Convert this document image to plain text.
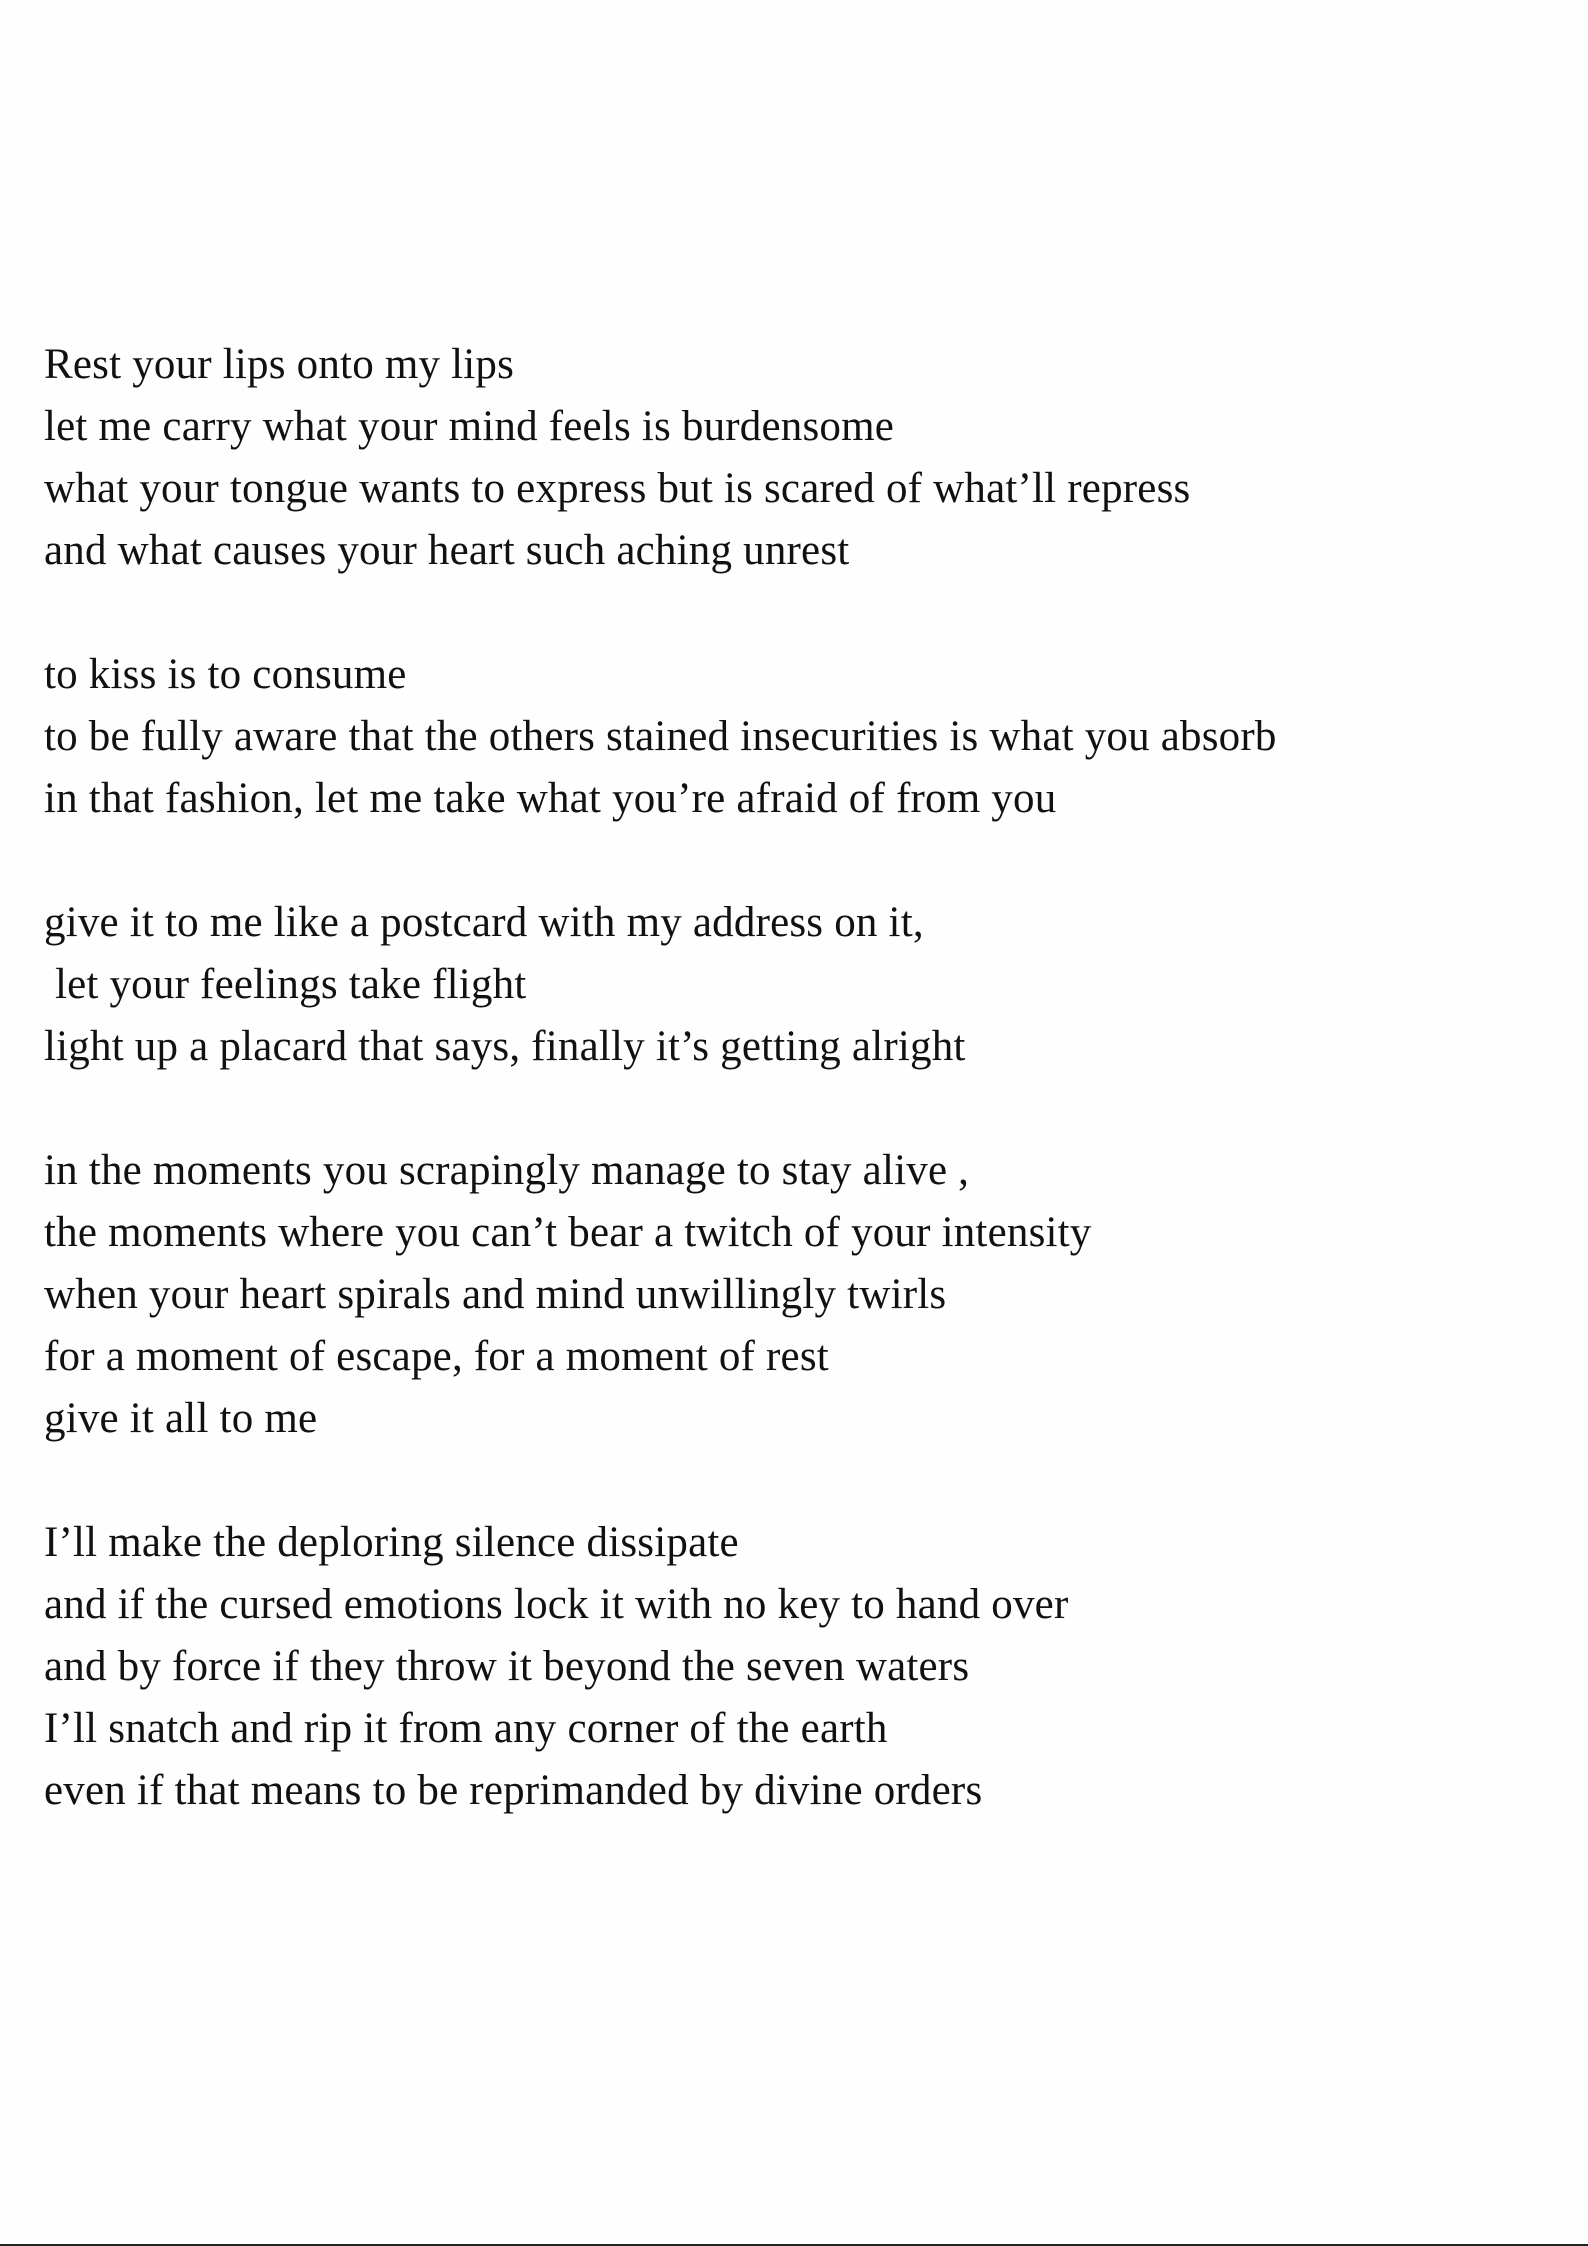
Rest your lips onto my lips
let me carry what your mind feels is burdensome
what your tongue wants to express but is scared of what’ll repress
and what causes your heart such aching unrest
to kiss is to consume
to be fully aware that the others stained insecurities is what you absorb
in that fashion, let me take what you’re afraid of from you
give it to me like a postcard with my address on it,
let your feelings take flight
light up a placard that says, finally it’s getting alright
in the moments you scrapingly manage to stay alive ,
the moments where you can’t bear a twitch of your intensity
when your heart spirals and mind unwillingly twirls
for a moment of escape, for a moment of rest
give it all to me
I’ll make the deploring silence dissipate
and if the cursed emotions lock it with no key to hand over
and by force if they throw it beyond the seven waters
I’ll snatch and rip it from any corner of the earth
even if that means to be reprimanded by divine orders
